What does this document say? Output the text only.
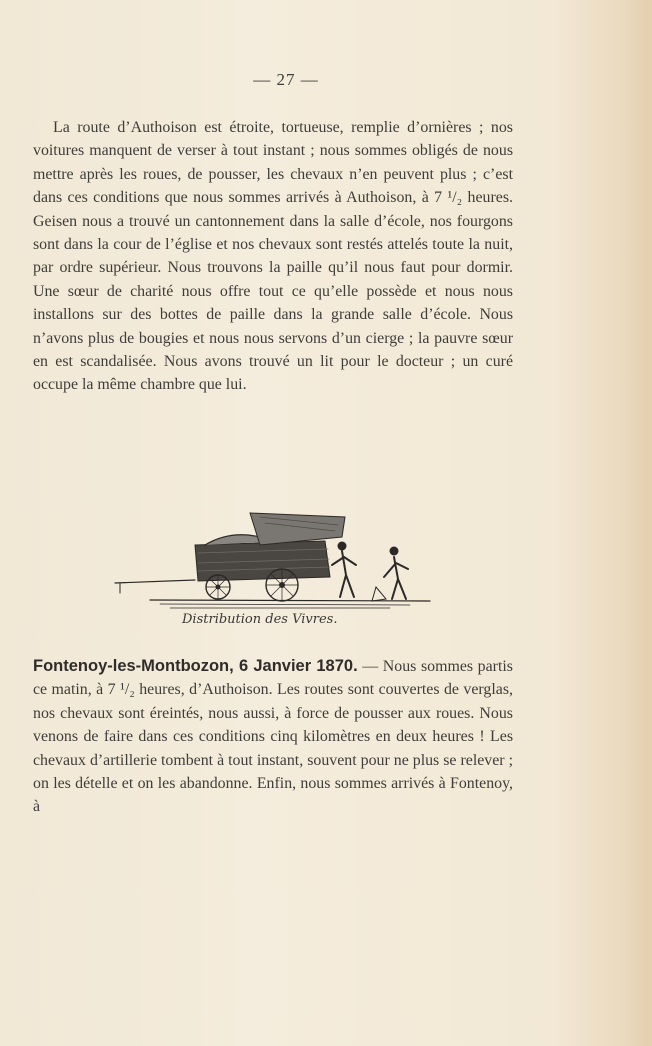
— 27 —

La route d’Authoison est étroite, tortueuse, remplie d’ornières ; nos voitures manquent de verser à tout instant ; nous sommes obligés de nous mettre après les roues, de pousser, les chevaux n’en peuvent plus ; c’est dans ces conditions que nous sommes arrivés à Authoison, à 7 ¹/₂ heures. Geisen nous a trouvé un cantonnement dans la salle d’école, nos fourgons sont dans la cour de l’église et nos chevaux sont restés attelés toute la nuit, par ordre supérieur. Nous trouvons la paille qu’il nous faut pour dormir. Une sœur de charité nous offre tout ce qu’elle possède et nous nous installons sur des bottes de paille dans la grande salle d’école. Nous n’avons plus de bougies et nous nous servons d’un cierge ; la pauvre sœur en est scandalisée. Nous avons trouvé un lit pour le docteur ; un curé occupe la même chambre que lui.

Distribution des Vivres.

Fontenoy-les-Montbozon, 6 Janvier 1870. — Nous sommes partis ce matin, à 7 ¹/₂ heures, d’Authoison. Les routes sont couvertes de verglas, nos chevaux sont éreintés, nous aussi, à force de pousser aux roues. Nous venons de faire dans ces conditions cinq kilomètres en deux heures ! Les chevaux d’artillerie tombent à tout instant, souvent pour ne plus se relever ; on les dételle et on les abandonne. Enfin, nous sommes arrivés à Fontenoy, à
